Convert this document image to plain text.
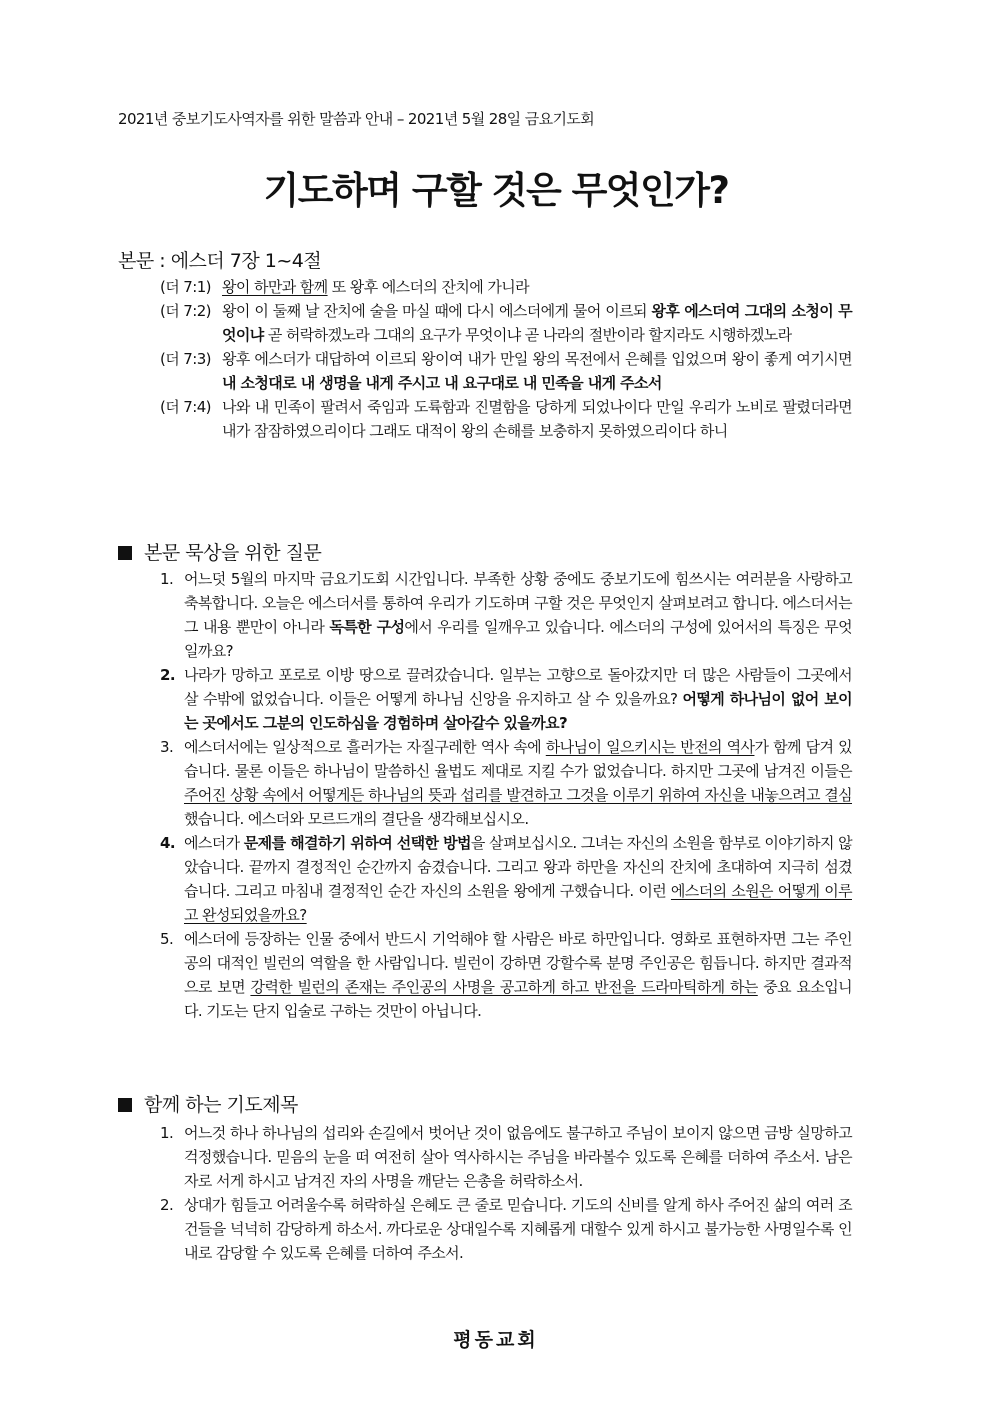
2021년 중보기도사역자를 위한 말씀과 안내 – 2021년 5월 28일 금요기도회
기도하며 구할 것은 무엇인가?
본문 : 에스더 7장 1~4절
(더 7:1) 왕이 하만과 함께 또 왕후 에스더의 잔치에 가니라
(더 7:2) 왕이 이 둘째 날 잔치에 술을 마실 때에 다시 에스더에게 물어 이르되 왕후 에스더여 그대의 소청이 무엇이냐 곧 허락하겠노라 그대의 요구가 무엇이냐 곧 나라의 절반이라 할지라도 시행하겠노라
(더 7:3) 왕후 에스더가 대답하여 이르되 왕이여 내가 만일 왕의 목전에서 은혜를 입었으며 왕이 좋게 여기시면 내 소청대로 내 생명을 내게 주시고 내 요구대로 내 민족을 내게 주소서
(더 7:4) 나와 내 민족이 팔려서 죽임과 도륙함과 진멸함을 당하게 되었나이다 만일 우리가 노비로 팔렸더라면 내가 잠잠하였으리이다 그래도 대적이 왕의 손해를 보충하지 못하였으리이다 하니
본문 묵상을 위한 질문
1. 어느덧 5월의 마지막 금요기도회 시간입니다. 부족한 상황 중에도 중보기도에 힘쓰시는 여러분을 사랑하고 축복합니다. 오늘은 에스더서를 통하여 우리가 기도하며 구할 것은 무엇인지 살펴보려고 합니다. 에스더서는 그 내용 뿐만이 아니라 독특한 구성에서 우리를 일깨우고 있습니다. 에스더의 구성에 있어서의 특징은 무엇일까요?
2. 나라가 망하고 포로로 이방 땅으로 끌려갔습니다. 일부는 고향으로 돌아갔지만 더 많은 사람들이 그곳에서 살 수밖에 없었습니다. 이들은 어떻게 하나님 신앙을 유지하고 살 수 있을까요? 어떻게 하나님이 없어 보이는 곳에서도 그분의 인도하심을 경험하며 살아갈수 있을까요?
3. 에스더서에는 일상적으로 흘러가는 자질구레한 역사 속에 하나님이 일으키시는 반전의 역사가 함께 담겨 있습니다. 물론 이들은 하나님이 말씀하신 율법도 제대로 지킬 수가 없었습니다. 하지만 그곳에 남겨진 이들은 주어진 상황 속에서 어떻게든 하나님의 뜻과 섭리를 발견하고 그것을 이루기 위하여 자신을 내놓으려고 결심했습니다. 에스더와 모르드개의 결단을 생각해보십시오.
4. 에스더가 문제를 해결하기 위하여 선택한 방법을 살펴보십시오. 그녀는 자신의 소원을 함부로 이야기하지 않았습니다. 끝까지 결정적인 순간까지 숨겼습니다. 그리고 왕과 하만을 자신의 잔치에 초대하여 지극히 섬겼습니다. 그리고 마침내 결정적인 순간 자신의 소원을 왕에게 구했습니다. 이런 에스더의 소원은 어떻게 이루고 완성되었을까요?
5. 에스더에 등장하는 인물 중에서 반드시 기억해야 할 사람은 바로 하만입니다. 영화로 표현하자면 그는 주인공의 대적인 빌런의 역할을 한 사람입니다. 빌런이 강하면 강할수록 분명 주인공은 힘듭니다. 하지만 결과적으로 보면 강력한 빌런의 존재는 주인공의 사명을 공고하게 하고 반전을 드라마틱하게 하는 중요 요소입니다. 기도는 단지 입술로 구하는 것만이 아닙니다.
함께 하는 기도제목
1. 어느것 하나 하나님의 섭리와 손길에서 벗어난 것이 없음에도 불구하고 주님이 보이지 않으면 금방 실망하고 걱정했습니다. 믿음의 눈을 떠 여전히 살아 역사하시는 주님을 바라볼수 있도록 은혜를 더하여 주소서. 남은자로 서게 하시고 남겨진 자의 사명을 깨닫는 은총을 허락하소서.
2. 상대가 힘들고 어려울수록 허락하실 은혜도 큰 줄로 믿습니다. 기도의 신비를 알게 하사 주어진 삶의 여러 조건들을 넉넉히 감당하게 하소서. 까다로운 상대일수록 지혜롭게 대할수 있게 하시고 불가능한 사명일수록 인내로 감당할 수 있도록 은혜를 더하여 주소서.
평동교회
